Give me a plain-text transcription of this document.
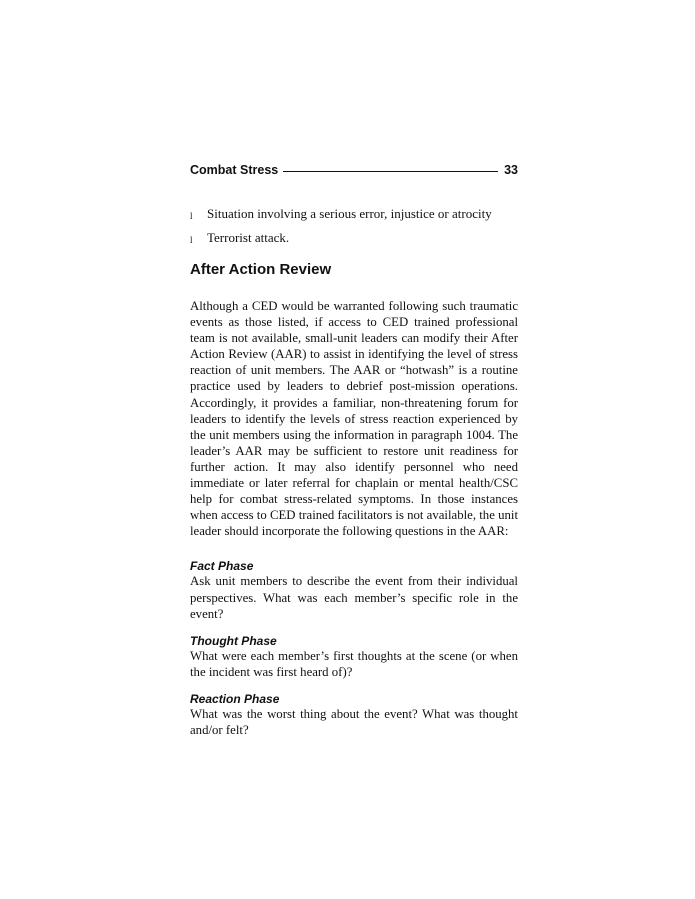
Combat Stress	33
l	Situation involving a serious error, injustice or atrocity
l	Terrorist attack.
After Action Review

Although a CED would be warranted following such traumatic events as those listed, if access to CED trained professional team is not available, small-unit leaders can modify their After Action Review (AAR) to assist in identifying the level of stress reaction of unit members. The AAR or “hotwash” is a routine practice used by leaders to debrief post-mission operations. Accordingly, it provides a familiar, non-threatening forum for leaders to identify the levels of stress reaction experienced by the unit members using the information in paragraph 1004. The leader’s AAR may be sufficient to restore unit readiness for further action. It may also identify personnel who need immediate or later referral for chaplain or mental health/CSC help for combat stress-related symptoms. In those instances when access to CED trained facilitators is not available, the unit leader should incorporate the following questions in the AAR:

Fact Phase

Ask unit members to describe the event from their individual perspectives. What was each member’s specific role in the event?

Thought Phase

What were each member’s first thoughts at the scene (or when the incident was first heard of)?

Reaction Phase

What was the worst thing about the event? What was thought and/or felt?
